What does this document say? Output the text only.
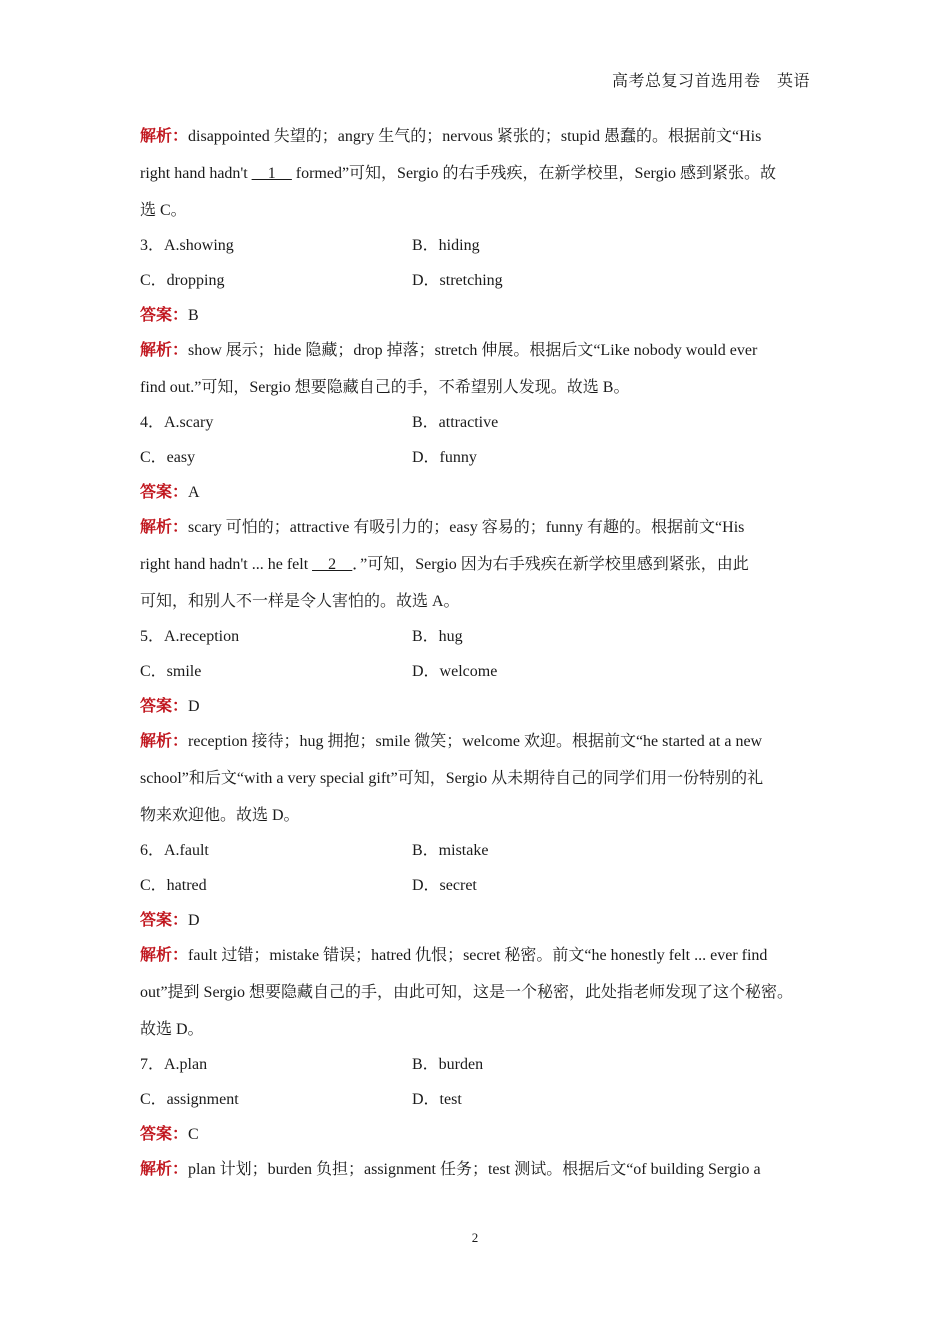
高考总复习首选用卷　英语
解析：disappointed 失望的；angry 生气的；nervous 紧张的；stupid 愚蠢的。根据前文“His
right hand hadn't __1__ formed”可知，Sergio 的右手残疾，在新学校里，Sergio 感到紧张。故
选 C。
3．A.showing	B．hiding
C．dropping	D．stretching
答案：B
解析：show 展示；hide 隐藏；drop 掉落；stretch 伸展。根据后文“Like nobody would ever
find out.”可知，Sergio 想要隐藏自己的手，不希望别人发现。故选 B。
4．A.scary	B．attractive
C．easy	D．funny
答案：A
解析：scary 可怕的；attractive 有吸引力的；easy 容易的；funny 有趣的。根据前文“His
right hand hadn't ... he felt __2__．”可知，Sergio 因为右手残疾在新学校里感到紧张，由此
可知，和别人不一样是令人害怕的。故选 A。
5．A.reception	B．hug
C．smile	D．welcome
答案：D
解析：reception 接待；hug 拥抱；smile 微笑；welcome 欢迎。根据前文“he started at a new
school”和后文“with a very special gift”可知，Sergio 从未期待自己的同学们用一份特别的礼
物来欢迎他。故选 D。
6．A.fault	B．mistake
C．hatred	D．secret
答案：D
解析：fault 过错；mistake 错误；hatred 仇恨；secret 秘密。前文“he honestly felt ... ever find
out”提到 Sergio 想要隐藏自己的手，由此可知，这是一个秘密，此处指老师发现了这个秘密。
故选 D。
7．A.plan	B．burden
C．assignment	D．test
答案：C
解析：plan 计划；burden 负担；assignment 任务；test 测试。根据后文“of building Sergio a
2
